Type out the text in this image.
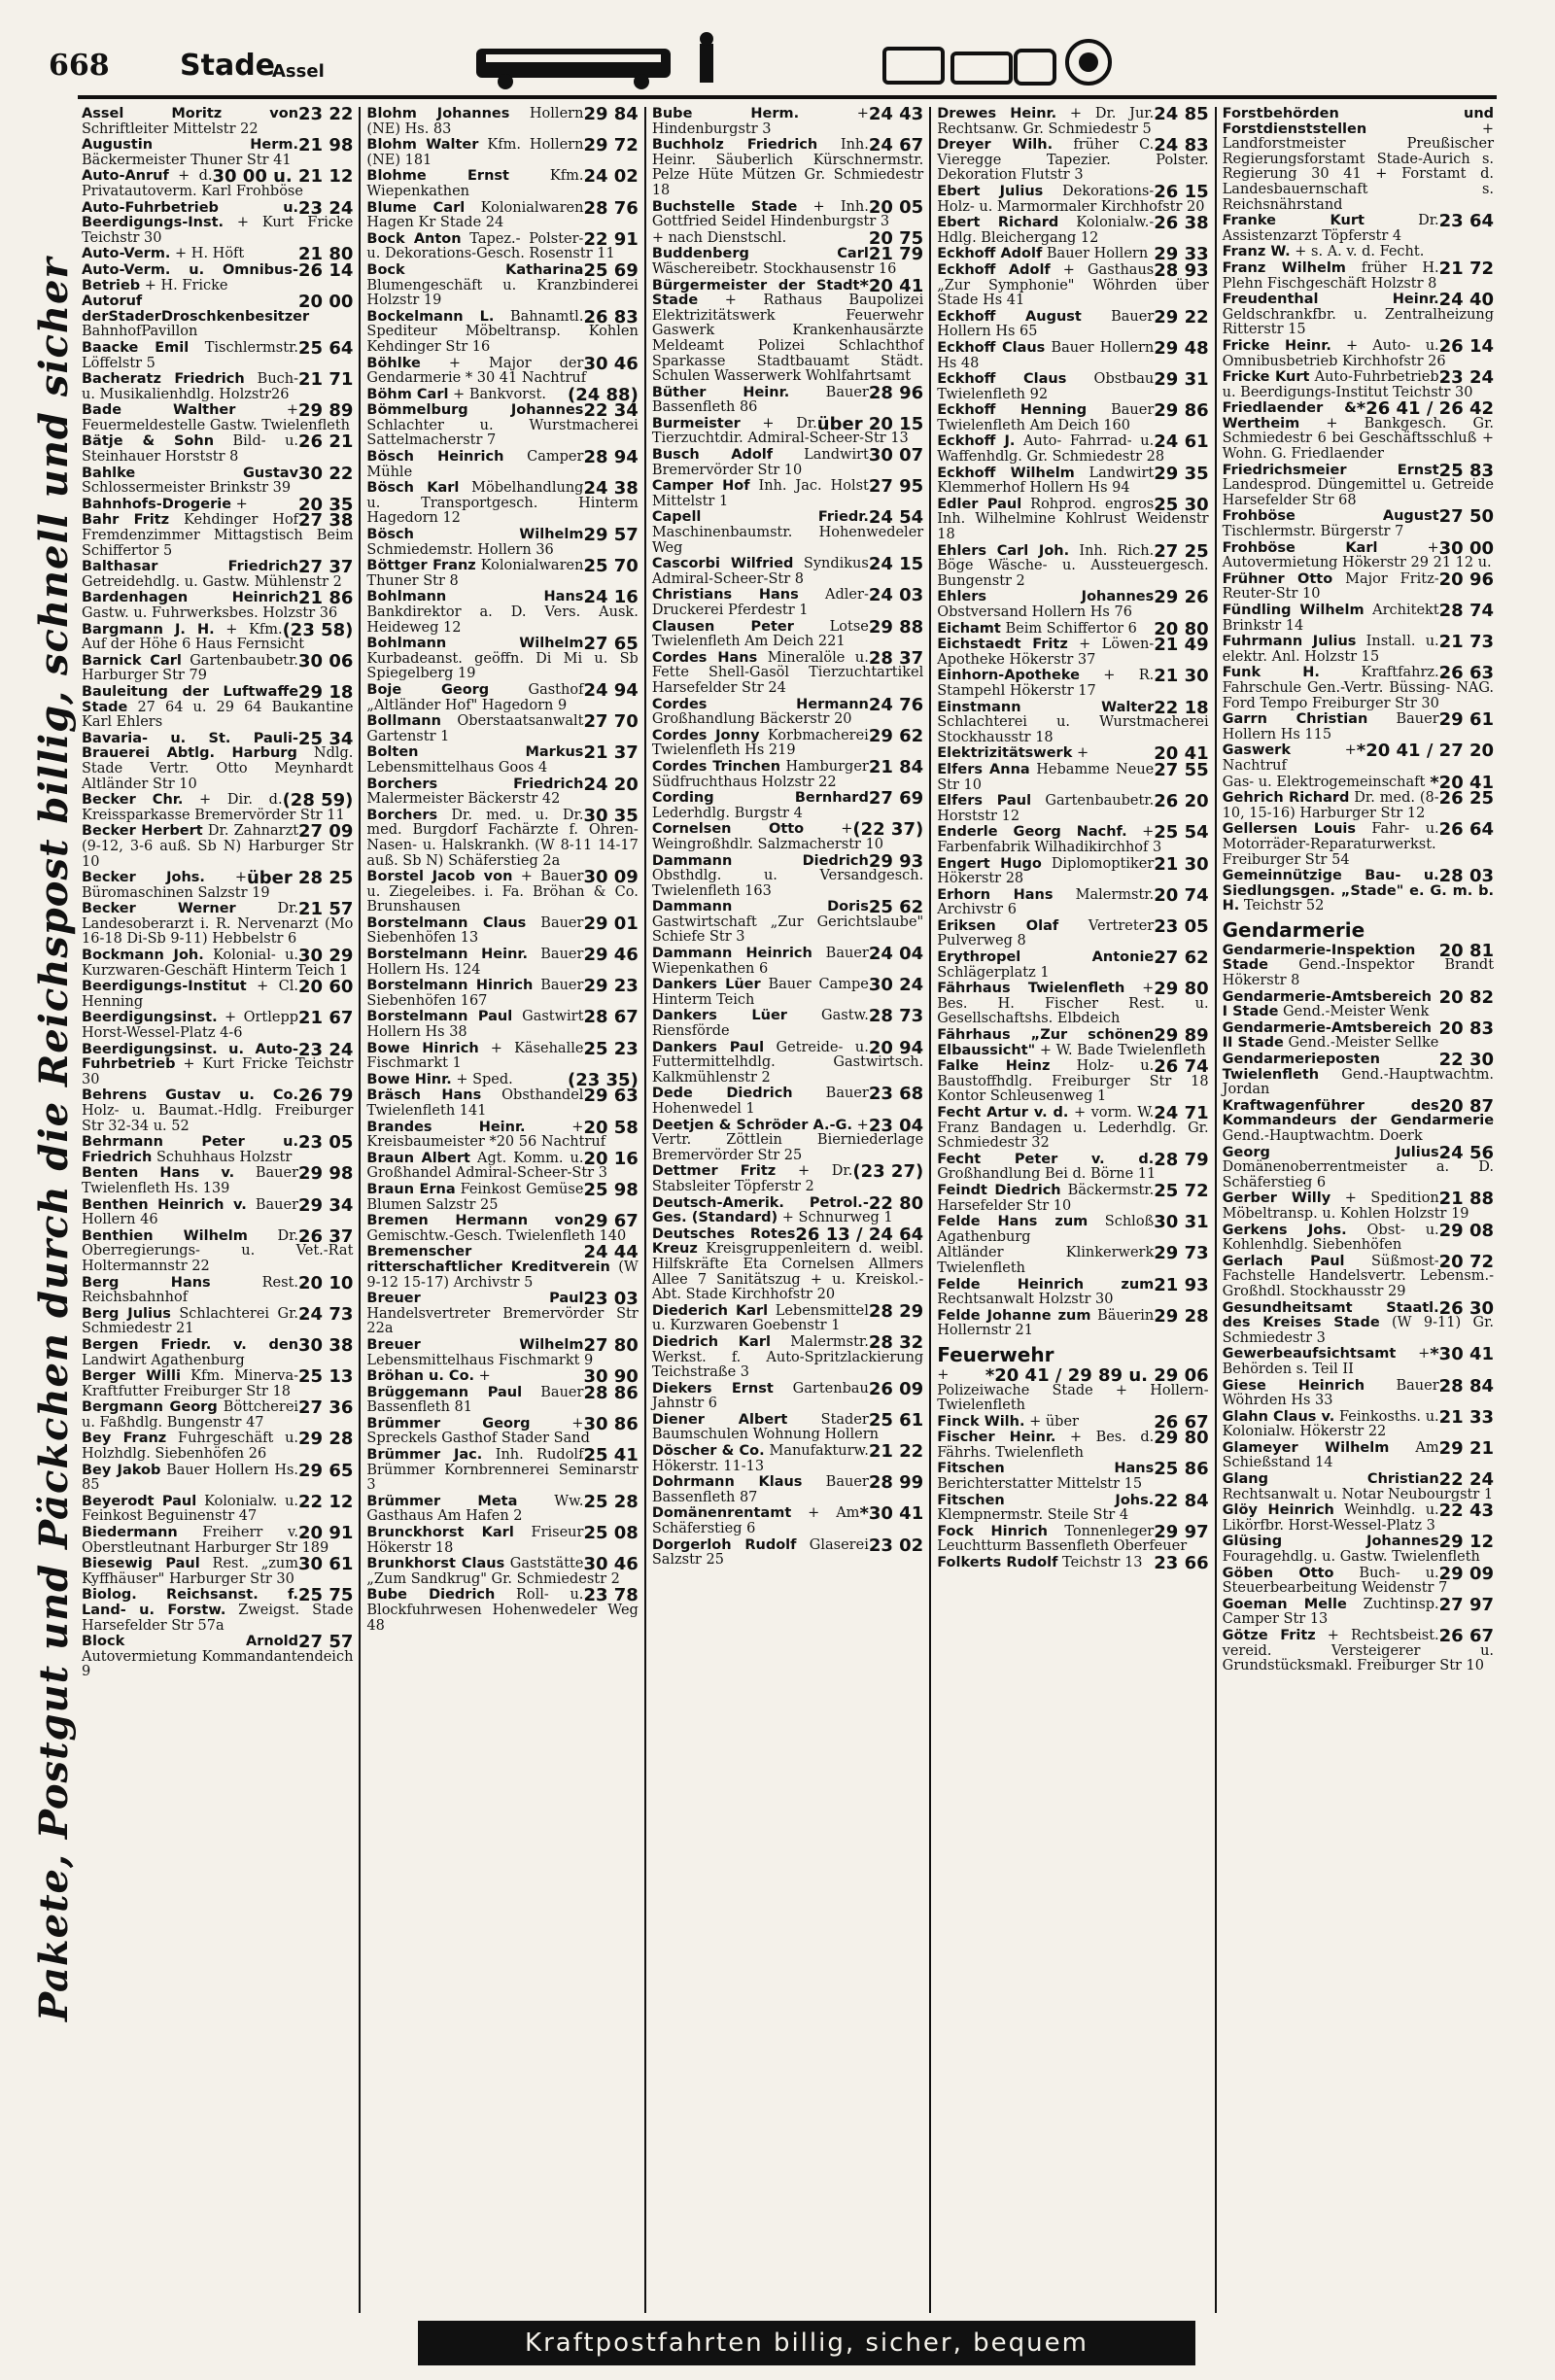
668 Stade
Assel
Pakete, Postgut und Päckchen durch die Reichspost billig, schnell und sicher
23 22
Assel Moritz von Schriftleiter Mittelstr 22
21 98
Augustin Herm. Bäckermeister Thuner Str 41
30 00 u. 21 12
Auto-Anruf + d. Privatautoverm. Karl Frohböse
23 24
Auto-Fuhrbetrieb u. Beerdigungs-Inst. + Kurt Fricke Teichstr 30
21 80
Auto-Verm. + H. Höft
26 14
Auto-Verm. u. Omnibus-Betrieb + H. Fricke
20 00
Autoruf derStaderDroschkenbesitzer BahnhofPavillon
25 64
Baacke Emil Tischlermstr. Löffelstr 5
21 71
Bacheratz Friedrich Buch- u. Musikalienhdlg. Holzstr26
29 89
Bade Walther + Feuermeldestelle Gastw. Twielenfleth
26 21
Bätje & Sohn Bild- u. Steinhauer Horststr 8
30 22
Bahlke Gustav Schlossermeister Brinkstr 39
20 35
Bahnhofs-Drogerie +
27 38
Bahr Fritz Kehdinger Hof Fremdenzimmer Mittagstisch Beim Schiffertor 5
27 37
Balthasar Friedrich Getreidehdlg. u. Gastw. Mühlenstr 2
21 86
Bardenhagen Heinrich Gastw. u. Fuhrwerksbes. Holzstr 36
(23 58)
Bargmann J. H. + Kfm. Auf der Höhe 6 Haus Fernsicht
30 06
Barnick Carl Gartenbaubetr. Harburger Str 79
29 18
Bauleitung der Luftwaffe Stade 27 64 u. 29 64 Baukantine Karl Ehlers
25 34
Bavaria- u. St. Pauli-Brauerei Abtlg. Harburg Ndlg. Stade Vertr. Otto Meynhardt Altländer Str 10
(28 59)
Becker Chr. + Dir. d. Kreissparkasse Bremervörder Str 11
27 09
Becker Herbert Dr. Zahnarzt (9-12, 3-6 auß. Sb N) Harburger Str 10
über 28 25
Becker Johs. + Büromaschinen Salzstr 19
21 57
Becker Werner Dr. Landesoberarzt i. R. Nervenarzt (Mo 16-18 Di-Sb 9-11) Hebbelstr 6
30 29
Bockmann Joh. Kolonial- u. Kurzwaren-Geschäft Hinterm Teich 1
20 60
Beerdigungs-Institut + Cl. Henning
21 67
Beerdigungsinst. + Ortlepp Horst-Wessel-Platz 4-6
23 24
Beerdigungsinst. u. Auto-Fuhrbetrieb + Kurt Fricke Teichstr 30
26 79
Behrens Gustav u. Co. Holz- u. Baumat.-Hdlg. Freiburger Str 32-34 u. 52
23 05
Behrmann Peter u. Friedrich Schuhhaus Holzstr
29 98
Benten Hans v. Bauer Twielenfleth Hs. 139
29 34
Benthen Heinrich v. Bauer Hollern 46
26 37
Benthien Wilhelm Dr. Oberregierungs- u. Vet.-Rat Holtermannstr 22
20 10
Berg Hans Rest. Reichsbahnhof
24 73
Berg Julius Schlachterei Gr. Schmiedestr 21
30 38
Bergen Friedr. v. den Landwirt Agathenburg
25 13
Berger Willi Kfm. Minerva-Kraftfutter Freiburger Str 18
27 36
Bergmann Georg Böttcherei u. Faßhdlg. Bungenstr 47
29 28
Bey Franz Fuhrgeschäft u. Holzhdlg. Siebenhöfen 26
29 65
Bey Jakob Bauer Hollern Hs. 85
22 12
Beyerodt Paul Kolonialw. u. Feinkost Beguinenstr 47
20 91
Biedermann Freiherr v. Oberstleutnant Harburger Str 189
30 61
Biesewig Paul Rest. „zum Kyffhäuser" Harburger Str 30
25 75
Biolog. Reichsanst. f. Land- u. Forstw. Zweigst. Stade Harsefelder Str 57a
27 57
Block Arnold Autovermietung Kommandantendeich 9
29 84
Blohm Johannes Hollern (NE) Hs. 83
29 72
Blohm Walter Kfm. Hollern (NE) 181
24 02
Blohme Ernst Kfm. Wiepenkathen
28 76
Blume Carl Kolonialwaren Hagen Kr Stade 24
22 91
Bock Anton Tapez.- Polster- u. Dekorations-Gesch. Rosenstr 11
25 69
Bock Katharina Blumengeschäft u. Kranzbinderei Holzstr 19
26 83
Bockelmann L. Bahnamtl. Spediteur Möbeltransp. Kohlen Kehdinger Str 16
30 46
Böhlke + Major der Gendarmerie * 30 41 Nachtruf
(24 88)
Böhm Carl + Bankvorst.
22 34
Bömmelburg Johannes Schlachter u. Wurstmacherei Sattelmacherstr 7
28 94
Bösch Heinrich Camper Mühle
24 38
Bösch Karl Möbelhandlung u. Transportgesch. Hinterm Hagedorn 12
29 57
Bösch Wilhelm Schmiedemstr. Hollern 36
25 70
Böttger Franz Kolonialwaren Thuner Str 8
24 16
Bohlmann Hans Bankdirektor a. D. Vers. Ausk. Heideweg 12
27 65
Bohlmann Wilhelm Kurbadeanst. geöffn. Di Mi u. Sb Spiegelberg 19
24 94
Boje Georg Gasthof „Altländer Hof" Hagedorn 9
27 70
Bollmann Oberstaatsanwalt Gartenstr 1
21 37
Bolten Markus Lebensmittelhaus Goos 4
24 20
Borchers Friedrich Malermeister Bäckerstr 42
30 35
Borchers Dr. med. u. Dr. med. Burgdorf Fachärzte f. Ohren- Nasen- u. Halskrankh. (W 8-11 14-17 auß. Sb N) Schäferstieg 2a
30 09
Borstel Jacob von + Bauer u. Ziegeleibes. i. Fa. Bröhan & Co. Brunshausen
29 01
Borstelmann Claus Bauer Siebenhöfen 13
29 46
Borstelmann Heinr. Bauer Hollern Hs. 124
29 23
Borstelmann Hinrich Bauer Siebenhöfen 167
28 67
Borstelmann Paul Gastwirt Hollern Hs 38
25 23
Bowe Hinrich + Käsehalle Fischmarkt 1
(23 35)
Bowe Hinr. + Sped.
29 63
Bräsch Hans Obsthandel Twielenfleth 141
20 58
Brandes Heinr. + Kreisbaumeister *20 56 Nachtruf
20 16
Braun Albert Agt. Komm. u. Großhandel Admiral-Scheer-Str 3
25 98
Braun Erna Feinkost Gemüse Blumen Salzstr 25
29 67
Bremen Hermann von Gemischtw.-Gesch. Twielenfleth 140
24 44
Bremenscher ritterschaftlicher Kreditverein (W 9-12 15-17) Archivstr 5
23 03
Breuer Paul Handelsvertreter Bremervörder Str 22a
27 80
Breuer Wilhelm Lebensmittelhaus Fischmarkt 9
30 90
Bröhan u. Co. +
28 86
Brüggemann Paul Bauer Bassenfleth 81
30 86
Brümmer Georg + Spreckels Gasthof Stader Sand
25 41
Brümmer Jac. Inh. Rudolf Brümmer Kornbrennerei Seminarstr 3
25 28
Brümmer Meta Ww. Gasthaus Am Hafen 2
25 08
Brunckhorst Karl Friseur Hökerstr 18
30 46
Brunkhorst Claus Gaststätte „Zum Sandkrug" Gr. Schmiedestr 2
23 78
Bube Diedrich Roll- u. Blockfuhrwesen Hohenwedeler Weg 48
24 43
Bube Herm. + Hindenburgstr 3
24 67
Buchholz Friedrich Inh. Heinr. Säuberlich Kürschnermstr. Pelze Hüte Mützen Gr. Schmiedestr 18
20 05
Buchstelle Stade + Inh. Gottfried Seidel Hindenburgstr 3
20 75
+ nach Dienstschl.
21 79
Buddenberg Carl Wäschereibetr. Stockhausenstr 16
*20 41
Bürgermeister der Stadt Stade + Rathaus Baupolizei Elektrizitätswerk Feuerwehr Gaswerk Krankenhausärzte Meldeamt Polizei Schlachthof Sparkasse Stadtbauamt Städt. Schulen Wasserwerk Wohlfahrtsamt
28 96
Büther Heinr. Bauer Bassenfleth 86
über 20 15
Burmeister + Dr. Tierzuchtdir. Admiral-Scheer-Str 13
30 07
Busch Adolf Landwirt Bremervörder Str 10
27 95
Camper Hof Inh. Jac. Holst Mittelstr 1
24 54
Capell Friedr. Maschinenbaumstr. Hohenwedeler Weg
24 15
Cascorbi Wilfried Syndikus Admiral-Scheer-Str 8
24 03
Christians Hans Adler-Druckerei Pferdestr 1
29 88
Clausen Peter Lotse Twielenfleth Am Deich 221
28 37
Cordes Hans Mineralöle u. Fette Shell-Gasöl Tierzuchtartikel Harsefelder Str 24
24 76
Cordes Hermann Großhandlung Bäckerstr 20
29 62
Cordes Jonny Korbmacherei Twielenfleth Hs 219
21 84
Cordes Trinchen Hamburger Südfruchthaus Holzstr 22
27 69
Cording Bernhard Lederhdlg. Burgstr 4
(22 37)
Cornelsen Otto + Weingroßhdlr. Salzmacherstr 10
29 93
Dammann Diedrich Obsthdlg. u. Versandgesch. Twielenfleth 163
25 62
Dammann Doris Gastwirtschaft „Zur Gerichtslaube" Schiefe Str 3
24 04
Dammann Heinrich Bauer Wiepenkathen 6
30 24
Dankers Lüer Bauer Campe Hinterm Teich
28 73
Dankers Lüer Gastw. Riensförde
20 94
Dankers Paul Getreide- u. Futtermittelhdlg. Gastwirtsch. Kalkmühlenstr 2
23 68
Dede Diedrich Bauer Hohenwedel 1
23 04
Deetjen & Schröder A.-G. + Vertr. Zöttlein Bierniederlage Bremervörder Str 25
(23 27)
Dettmer Fritz + Dr. Stabsleiter Töpferstr 2
22 80
Deutsch-Amerik. Petrol.-Ges. (Standard) + Schnurweg 1
26 13 / 24 64
Deutsches Rotes Kreuz Kreisgruppenleitern d. weibl. Hilfskräfte Eta Cornelsen Allmers Allee 7 Sanitätszug + u. Kreiskol.-Abt. Stade Kirchhofstr 20
28 29
Diederich Karl Lebensmittel u. Kurzwaren Goebenstr 1
28 32
Diedrich Karl Malermstr. Werkst. f. Auto-Spritzlackierung Teichstraße 3
26 09
Diekers Ernst Gartenbau Jahnstr 6
25 61
Diener Albert Stader Baumschulen Wohnung Hollern
21 22
Döscher & Co. Manufakturw. Hökerstr. 11-13
28 99
Dohrmann Klaus Bauer Bassenfleth 87
*30 41
Domänenrentamt + Am Schäferstieg 6
23 02
Dorgerloh Rudolf Glaserei Salzstr 25
24 85
Drewes Heinr. + Dr. Jur. Rechtsanw. Gr. Schmiedestr 5
24 83
Dreyer Wilh. früher C. Viereggе Tapezier. Polster. Dekoration Flutstr 3
26 15
Ebert Julius Dekorations- Holz- u. Marmormaler Kirchhofstr 20
26 38
Ebert Richard Kolonialw.-Hdlg. Bleichergang 12
29 33
Eckhoff Adolf Bauer Hollern
28 93
Eckhoff Adolf + Gasthaus „Zur Symphonie" Wöhrden über Stade Hs 41
29 22
Eckhoff August Bauer Hollern Hs 65
29 48
Eckhoff Claus Bauer Hollern Hs 48
29 31
Eckhoff Claus Obstbau Twielenfleth 92
29 86
Eckhoff Henning Bauer Twielenfleth Am Deich 160
24 61
Eckhoff J. Auto- Fahrrad- u. Waffenhdlg. Gr. Schmiedestr 28
29 35
Eckhoff Wilhelm Landwirt Klemmerhof Hollern Hs 94
25 30
Edler Paul Rohprod. engros Inh. Wilhelmine Kohlrust Weidenstr 18
27 25
Ehlers Carl Joh. Inh. Rich. Böge Wäsche- u. Aussteuergesch. Bungenstr 2
29 26
Ehlers Johannes Obstversand Hollern Hs 76
20 80
Eichamt Beim Schiffertor 6
21 49
Eichstaedt Fritz + Löwen-Apotheke Hökerstr 37
21 30
Einhorn-Apotheke + R. Stampehl Hökerstr 17
22 18
Einstmann Walter Schlachterei u. Wurstmacherei Stockhausstr 18
20 41
Elektrizitätswerk +
27 55
Elfers Anna Hebamme Neue Str 10
26 20
Elfers Paul Gartenbaubetr. Horststr 12
25 54
Enderle Georg Nachf. + Farbenfabrik Wilhadikirchhof 3
21 30
Engert Hugo Diplomoptiker Hökerstr 28
20 74
Erhorn Hans Malermstr. Archivstr 6
23 05
Eriksen Olaf Vertreter Pulverweg 8
27 62
Erythropel Antonie Schlägerplatz 1
29 80
Fährhaus Twielenfleth + Bes. H. Fischer Rest. u. Gesellschaftshs. Elbdeich
29 89
Fährhaus „Zur schönen Elbaussicht" + W. Bade Twielenfleth
26 74
Falke Heinz Holz- u. Baustoffhdlg. Freiburger Str 18 Kontor Schleusenweg 1
24 71
Fecht Artur v. d. + vorm. W. Franz Bandagen u. Lederhdlg. Gr. Schmiedestr 32
28 79
Fecht Peter v. d. Großhandlung Bei d. Börne 11
25 72
Feindt Diedrich Bäckermstr. Harsefelder Str 10
30 31
Felde Hans zum Schloß Agathenburg
29 73
Altländer Klinkerwerk Twielenfleth
21 93
Felde Heinrich zum Rechtsanwalt Holzstr 30
29 28
Felde Johanne zum Bäuerin Hollernstr 21
Feuerwehr
*20 41 / 29 89 u. 29 06
+ Polizeiwache Stade + Hollern-Twielenfleth
26 67
Finck Wilh. + über
29 80
Fischer Heinr. + Bes. d. Fährhs. Twielenfleth
25 86
Fitschen Hans Berichterstatter Mittelstr 15
22 84
Fitschen Johs. Klempnermstr. Steile Str 4
29 97
Fock Hinrich Tonnenleger Leuchtturm Bassenfleth Oberfeuer
23 66
Folkerts Rudolf Teichstr 13
Forstbehörden und Forstdienststellen + Landforstmeister Preußischer Regierungsforstamt Stade-Aurich s. Regierung 30 41 + Forstamt d. Landesbauernschaft s. Reichsnährstand
23 64
Franke Kurt Dr. Assistenzarzt Töpferstr 4
Franz W. + s. A. v. d. Fecht.
21 72
Franz Wilhelm früher H. Plehn Fischgeschäft Holzstr 8
24 40
Freudenthal Heinr. Geldschrankfbr. u. Zentralheizung Ritterstr 15
26 14
Fricke Heinr. + Auto- u. Omnibusbetrieb Kirchhofstr 26
23 24
Fricke Kurt Auto-Fuhrbetrieb u. Beerdigungs-Institut Teichstr 30
*26 41 / 26 42
Friedlaender & Wertheim + Bankgesch. Gr. Schmiedestr 6 bei Geschäftsschluß + Wohn. G. Friedlaender
25 83
Friedrichsmeier Ernst Landesprod. Düngemittel u. Getreide Harsefelder Str 68
27 50
Frohböse August Tischlermstr. Bürgerstr 7
30 00
Frohböse Karl + Autovermietung Hökerstr 29 21 12 u.
20 96
Frühner Otto Major Fritz-Reuter-Str 10
28 74
Fündling Wilhelm Architekt Brinkstr 14
21 73
Fuhrmann Julius Install. u. elektr. Anl. Holzstr 15
26 63
Funk H. Kraftfahrz. Fahrschule Gen.-Vertr. Büssing- NAG. Ford Tempo Freiburger Str 30
29 61
Garrn Christian Bauer Hollern Hs 115
*20 41 / 27 20
Gaswerk + Nachtruf
*20 41
Gas- u. Elektrogemeinschaft
26 25
Gehrich Richard Dr. med. (8-10, 15-16) Harburger Str 12
26 64
Gellersen Louis Fahr- u. Motorräder-Reparaturwerkst. Freiburger Str 54
28 03
Gemeinnützige Bau- u. Siedlungsgen. „Stade" e. G. m. b. H. Teichstr 52
Gendarmerie
20 81
Gendarmerie-Inspektion Stade Gend.-Inspektor Brandt Hökerstr 8
20 82
Gendarmerie-Amtsbereich I Stade Gend.-Meister Wenk
20 83
Gendarmerie-Amtsbereich II Stade Gend.-Meister Sellke
22 30
Gendarmerieposten Twielenfleth Gend.-Hauptwachtm. Jordan
20 87
Kraftwagenführer des Kommandeurs der Gendarmerie Gend.-Hauptwachtm. Doerk
24 56
Georg Julius Domänenoberrentmeister a. D. Schäferstieg 6
21 88
Gerber Willy + Spedition Möbeltransp. u. Kohlen Holzstr 19
29 08
Gerkens Johs. Obst- u. Kohlenhdlg. Siebenhöfen
20 72
Gerlach Paul Süßmost-Fachstelle Handelsvertr. Lebensm.-Großhdl. Stockhausstr 29
26 30
Gesundheitsamt Staatl. des Kreises Stade (W 9-11) Gr. Schmiedestr 3
*30 41
Gewerbeaufsichtsamt + Behörden s. Teil II
28 84
Giese Heinrich Bauer Wöhrden Hs 33
21 33
Glahn Claus v. Feinkosths. u. Kolonialw. Hökerstr 22
29 21
Glameyer Wilhelm Am Schießstand 14
22 24
Glang Christian Rechtsanwalt u. Notar Neubourgstr 1
22 43
Glöy Heinrich Weinhdlg. u. Likörfbr. Horst-Wessel-Platz 3
29 12
Glüsing Johannes Fouragehdlg. u. Gastw. Twielenfleth
29 09
Göben Otto Buch- u. Steuerbearbeitung Weidenstr 7
27 97
Goeman Melle Zuchtinsp. Camper Str 13
26 67
Götze Fritz + Rechtsbeist. vereid. Versteigerer u. Grundstücksmakl. Freiburger Str 10
Kraftpostfahrten billig, sicher, bequem
